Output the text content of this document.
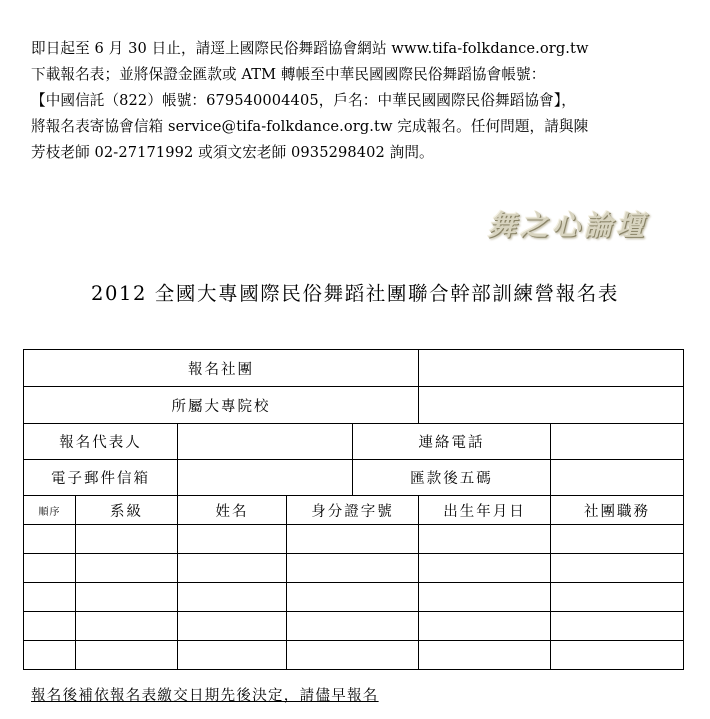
即日起至 6 月 30 日止，請逕上國際民俗舞蹈協會網站 www.tifa-folkdance.org.tw

下載報名表；並將保證金匯款或 ATM 轉帳至中華民國國際民俗舞蹈協會帳號：

【中國信託（822）帳號：679540004405，戶名：中華民國國際民俗舞蹈協會】，

將報名表寄協會信箱 service@tifa-folkdance.org.tw 完成報名。任何問題，請與陳

芳枝老師 02-27171992 或須文宏老師 0935298402 詢問。

舞之心論壇
2012 全國大專國際民俗舞蹈社團聯合幹部訓練營報名表
報名社團						
所屬大專院校						
報名代表人				連絡電話		
電子郵件信箱				匯款後五碼		
順序	系級	姓名	身分證字號		出生年月日	社團職務

報名後補依報名表繳交日期先後決定，請儘早報名
